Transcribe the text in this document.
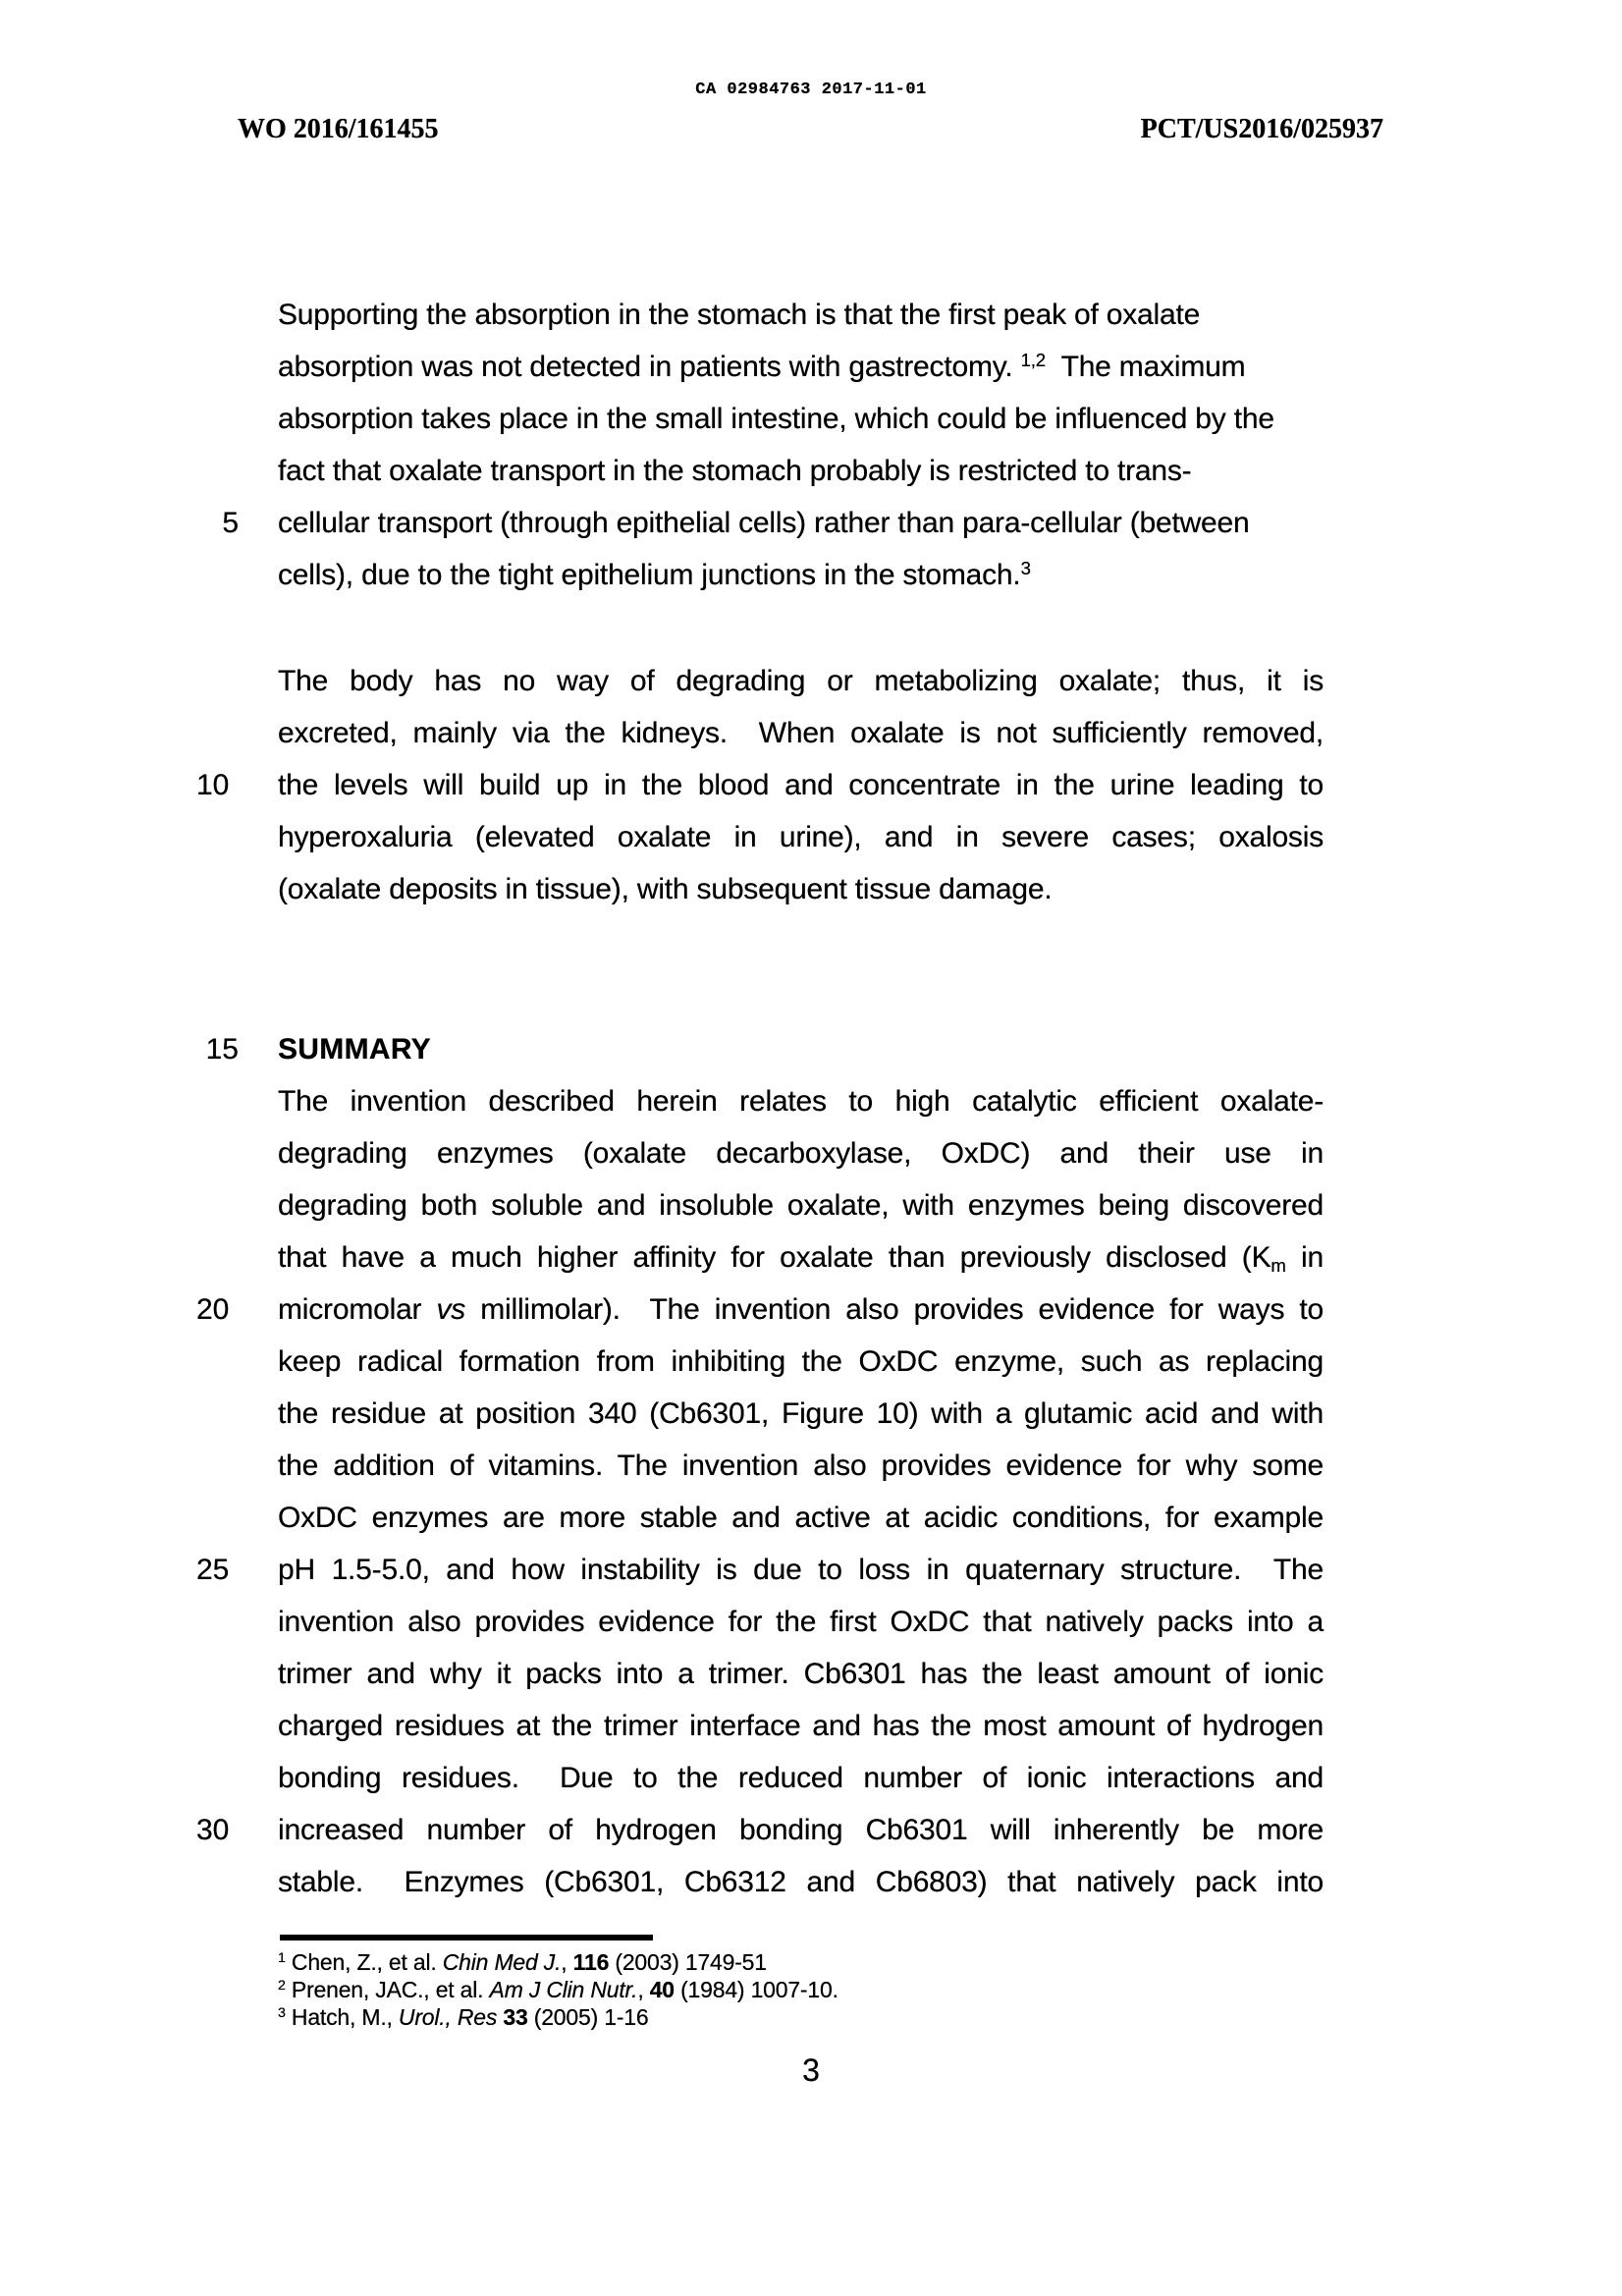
CA 02984763 2017-11-01
WO 2016/161455	PCT/US2016/025937
Supporting the absorption in the stomach is that the first peak of oxalate
absorption was not detected in patients with gastrectomy. $^{1,2}$  The maximum
absorption takes place in the small intestine, which could be influenced by the
fact that oxalate transport in the stomach probably is restricted to trans-
5 cellular transport (through epithelial cells) rather than para-cellular (between
cells), due to the tight epithelium junctions in the stomach.$^3$
The body has no way of degrading or metabolizing oxalate; thus, it is
excreted, mainly via the kidneys.  When oxalate is not sufficiently removed,
10	the levels will build up in the blood and concentrate in the urine leading to
hyperoxaluria (elevated oxalate in urine), and in severe cases; oxalosis
(oxalate deposits in tissue), with subsequent tissue damage.
15 SUMMARY
The invention described herein relates to high catalytic efficient oxalate-
degrading enzymes (oxalate decarboxylase, OxDC) and their use in
degrading both soluble and insoluble oxalate, with enzymes being discovered
that have a much higher affinity for oxalate than previously disclosed ($K_m$ in
20	micromolar vs millimolar).  The invention also provides evidence for ways to
keep radical formation from inhibiting the OxDC enzyme, such as replacing
the residue at position 340 (Cb6301, Figure 10) with a glutamic acid and with
the addition of vitamins. The invention also provides evidence for why some
OxDC enzymes are more stable and active at acidic conditions, for example
25	pH 1.5-5.0, and how instability is due to loss in quaternary structure.  The
invention also provides evidence for the first OxDC that natively packs into a
trimer and why it packs into a trimer. Cb6301 has the least amount of ionic
charged residues at the trimer interface and has the most amount of hydrogen
bonding residues.  Due to the reduced number of ionic interactions and
30	increased number of hydrogen bonding Cb6301 will inherently be more
stable.  Enzymes (Cb6301, Cb6312 and Cb6803) that natively pack into
$^1$ Chen, Z., et al. Chin Med J., 116 (2003) 1749-51
$^2$ Prenen, JAC., et al. Am J Clin Nutr., 40 (1984) 1007-10.
$^3$ Hatch, M., Urol., Res 33 (2005) 1-16
3
